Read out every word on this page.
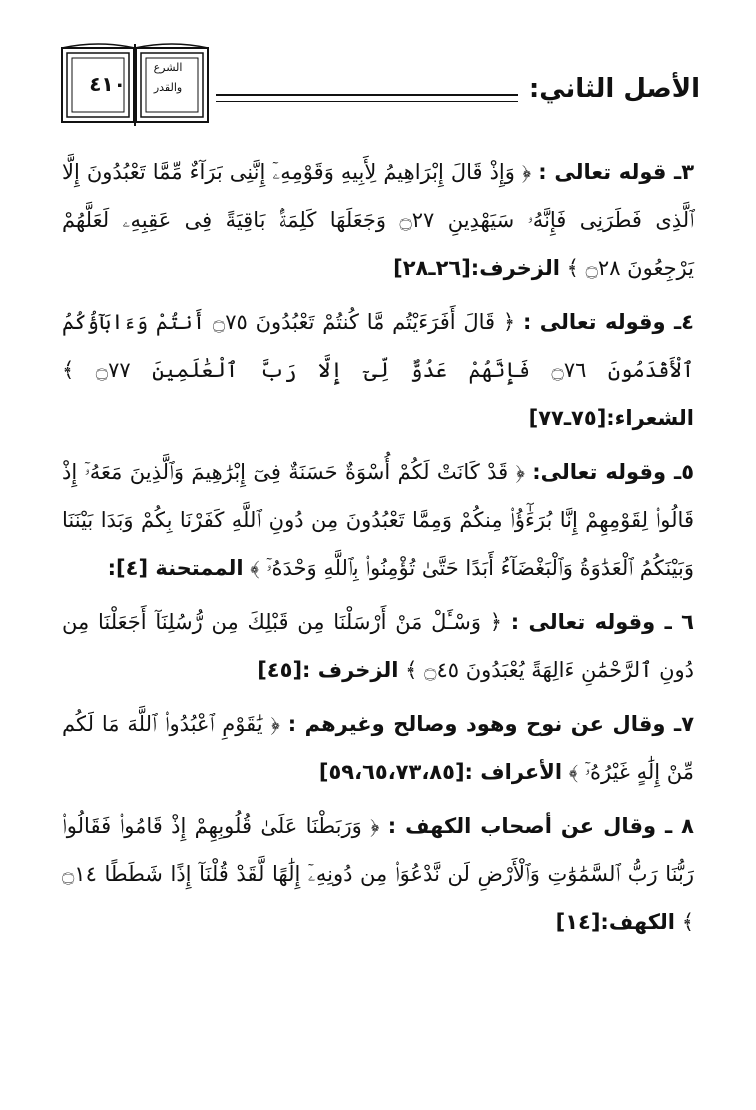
٤١٠
الشرع
والقدر	الأصل الثاني:

٣ـ قوله تعالى : ﴿ وَإِذْ قَالَ إِبْرَاهِيمُ لِأَبِيهِ وَقَوْمِهِۦٓ إِنَّنِى بَرَآءٌ مِّمَّا تَعْبُدُونَ إِلَّا ٱلَّذِى فَطَرَنِى فَإِنَّهُۥ سَيَهْدِينِ ۝٢٧ وَجَعَلَهَا كَلِمَةًۢ بَاقِيَةً فِى عَقِبِهِۦ لَعَلَّهُمْ يَرْجِعُونَ ۝٢٨ ﴾ الزخرف:[٢٦ـ٢٨]

٤ـ وقوله تعالى : ﴿ قَالَ أَفَرَءَيْتُم مَّا كُنتُمْ تَعْبُدُونَ ۝٧٥ أَنتُمْ وَءَابَآؤُكُمُ ٱلْأَقْدَمُونَ ۝٧٦ فَإِنَّهُمْ عَدُوٌّ لِّىٓ إِلَّا رَبَّ ٱلْعَٰلَمِينَ ۝٧٧ ﴾ الشعراء:[٧٥ـ٧٧]

٥ـ وقوله تعالى: ﴿ قَدْ كَانَتْ لَكُمْ أُسْوَةٌ حَسَنَةٌ فِىٓ إِبْرَٰهِيمَ وَٱلَّذِينَ مَعَهُۥٓ إِذْ قَالُوا۟ لِقَوْمِهِمْ إِنَّا بُرَءَٰٓؤُا۟ مِنكُمْ وَمِمَّا تَعْبُدُونَ مِن دُونِ ٱللَّهِ كَفَرْنَا بِكُمْ وَبَدَا بَيْنَنَا وَبَيْنَكُمُ ٱلْعَدَٰوَةُ وَٱلْبَغْضَآءُ أَبَدًا حَتَّىٰ تُؤْمِنُوا۟ بِٱللَّهِ وَحْدَهُۥٓ ﴾ الممتحنة [٤]:

٦ ـ وقوله تعالى : ﴿ وَسْـَٔلْ مَنْ أَرْسَلْنَا مِن قَبْلِكَ مِن رُّسُلِنَآ أَجَعَلْنَا مِن دُونِ ٱلرَّحْمَٰنِ ءَالِهَةً يُعْبَدُونَ ۝٤٥ ﴾ الزخرف :[٤٥]

٧ـ وقال عن نوح وهود وصالح وغيرهم : ﴿ يَٰقَوْمِ ٱعْبُدُوا۟ ٱللَّهَ مَا لَكُم مِّنْ إِلَٰهٍ غَيْرُهُۥٓ ﴾ الأعراف :[٥٩،٦٥،٧٣،٨٥]

٨ ـ وقال عن أصحاب الكهف : ﴿ وَرَبَطْنَا عَلَىٰ قُلُوبِهِمْ إِذْ قَامُوا۟ فَقَالُوا۟ رَبُّنَا رَبُّ ٱلسَّمَٰوَٰتِ وَٱلْأَرْضِ لَن نَّدْعُوَا۟ مِن دُونِهِۦٓ إِلَٰهًا لَّقَدْ قُلْنَآ إِذًا شَطَطًا ۝١٤ ﴾ الكهف:[١٤]
